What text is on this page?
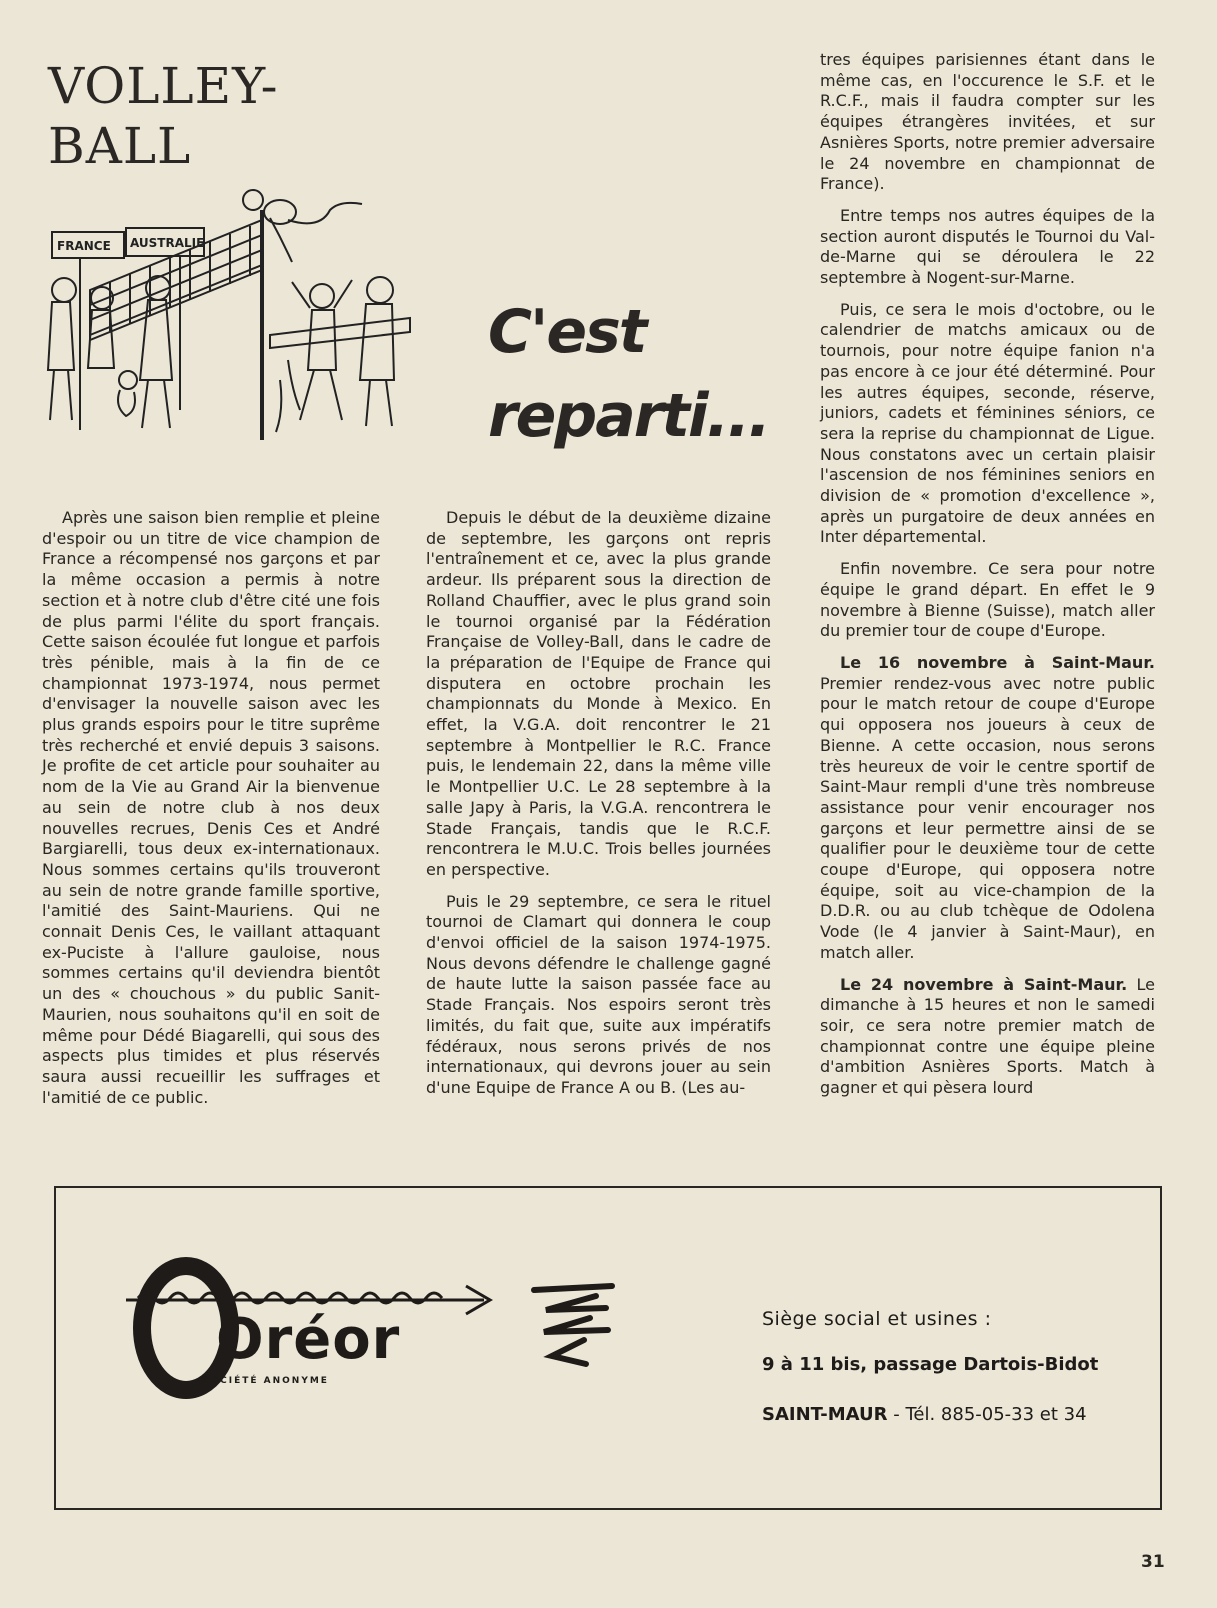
VOLLEY-
BALL
FRANCE AUSTRALIE
C'est
reparti...

Après une saison bien remplie et pleine d'espoir ou un titre de vice champion de France a récompensé nos garçons et par la même occasion a permis à notre section et à notre club d'être cité une fois de plus parmi l'élite du sport français. Cette saison écoulée fut longue et parfois très pénible, mais à la fin de ce championnat 1973-1974, nous permet d'envisager la nouvelle saison avec les plus grands espoirs pour le titre suprême très recherché et envié depuis 3 saisons. Je profite de cet article pour souhaiter au nom de la Vie au Grand Air la bienvenue au sein de notre club à nos deux nouvelles recrues, Denis Ces et André Bargiarelli, tous deux ex-internationaux. Nous sommes certains qu'ils trouveront au sein de notre grande famille sportive, l'amitié des Saint-Mauriens. Qui ne connait Denis Ces, le vaillant attaquant ex-Puciste à l'allure gauloise, nous sommes certains qu'il deviendra bientôt un des « chouchous » du public Sanit-Maurien, nous souhaitons qu'il en soit de même pour Dédé Biagarelli, qui sous des aspects plus timides et plus réservés saura aussi recueillir les suffrages et l'amitié de ce public.

Depuis le début de la deuxième dizaine de septembre, les garçons ont repris l'entraînement et ce, avec la plus grande ardeur. Ils préparent sous la direction de Rolland Chauffier, avec le plus grand soin le tournoi organisé par la Fédération Française de Volley-Ball, dans le cadre de la préparation de l'Equipe de France qui disputera en octobre prochain les championnats du Monde à Mexico. En effet, la V.G.A. doit rencontrer le 21 septembre à Montpellier le R.C. France puis, le lendemain 22, dans la même ville le Montpellier U.C. Le 28 septembre à la salle Japy à Paris, la V.G.A. rencontrera le Stade Français, tandis que le R.C.F. rencontrera le M.U.C. Trois belles journées en perspective.

Puis le 29 septembre, ce sera le rituel tournoi de Clamart qui donnera le coup d'envoi officiel de la saison 1974-1975. Nous devons défendre le challenge gagné de haute lutte la saison passée face au Stade Français. Nos espoirs seront très limités, du fait que, suite aux impératifs fédéraux, nous serons privés de nos internationaux, qui devrons jouer au sein d'une Equipe de France A ou B. (Les au-

tres équipes parisiennes étant dans le même cas, en l'occurence le S.F. et le R.C.F., mais il faudra compter sur les équipes étrangères invitées, et sur Asnières Sports, notre premier adversaire le 24 novembre en championnat de France).

Entre temps nos autres équipes de la section auront disputés le Tournoi du Val-de-Marne qui se déroulera le 22 septembre à Nogent-sur-Marne.

Puis, ce sera le mois d'octobre, ou le calendrier de matchs amicaux ou de tournois, pour notre équipe fanion n'a pas encore à ce jour été déterminé. Pour les autres équipes, seconde, réserve, juniors, cadets et féminines séniors, ce sera la reprise du championnat de Ligue. Nous constatons avec un certain plaisir l'ascension de nos féminines seniors en division de « promotion d'excellence », après un purgatoire de deux années en Inter départemental.

Enfin novembre. Ce sera pour notre équipe le grand départ. En effet le 9 novembre à Bienne (Suisse), match aller du premier tour de coupe d'Europe.

Le 16 novembre à Saint-Maur. Premier rendez-vous avec notre public pour le match retour de coupe d'Europe qui opposera nos joueurs à ceux de Bienne. A cette occasion, nous serons très heureux de voir le centre sportif de Saint-Maur rempli d'une très nombreuse assistance pour venir encourager nos garçons et leur permettre ainsi de se qualifier pour le deuxième tour de cette coupe d'Europe, qui opposera notre équipe, soit au vice-champion de la D.D.R. ou au club tchèque de Odolena Vode (le 4 janvier à Saint-Maur), en match aller.

Le 24 novembre à Saint-Maur. Le dimanche à 15 heures et non le samedi soir, ce sera notre premier match de championnat contre une équipe pleine d'ambition Asnières Sports. Match à gagner et qui pèsera lourd

Oréor
SOCIÉTÉ ANONYME
Siège social et usines :
9 à 11 bis, passage Dartois-Bidot
SAINT-MAUR - Tél. 885-05-33 et 34
31
